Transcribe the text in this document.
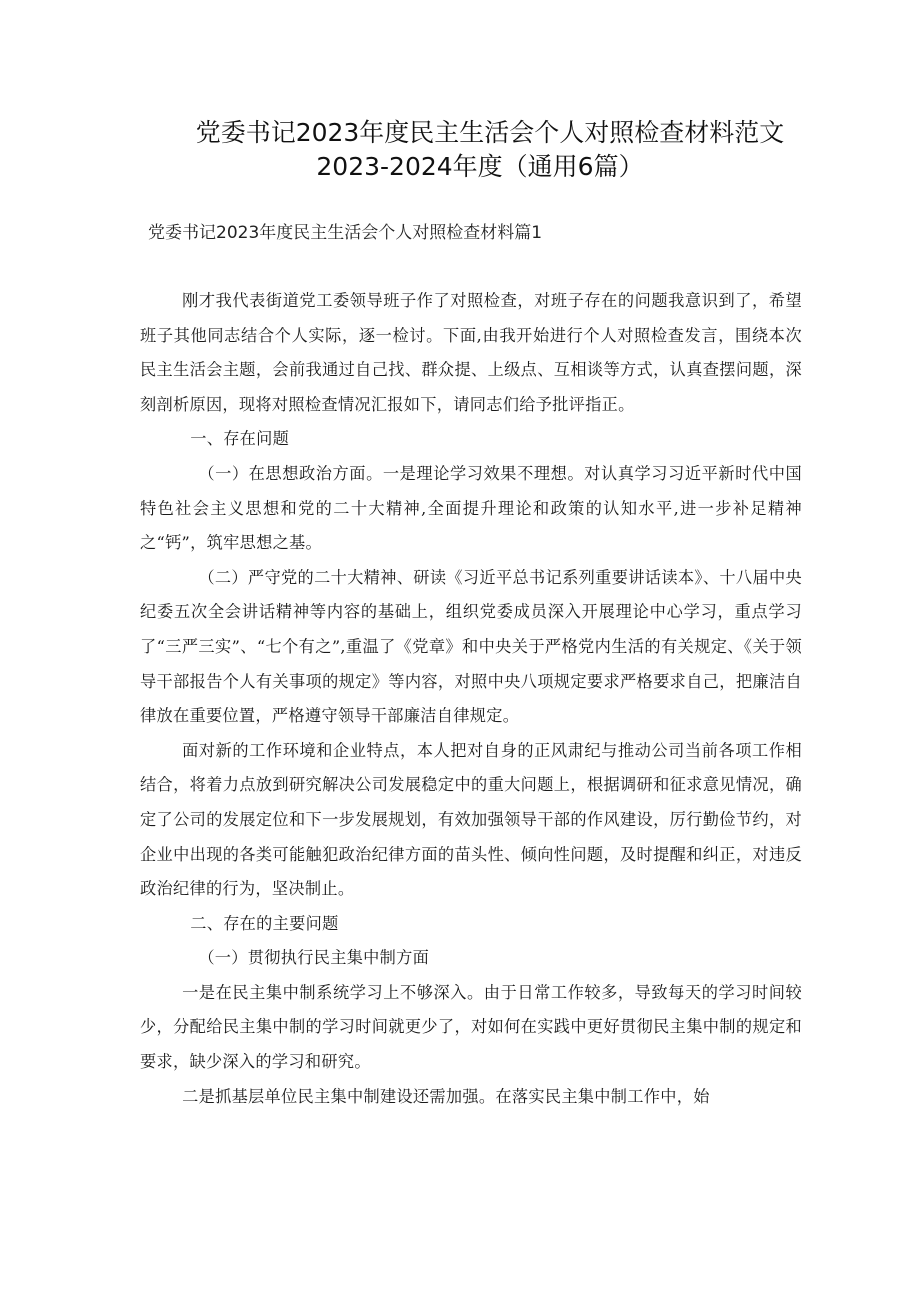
党委书记2023年度民主生活会个人对照检查材料范文
2023-2024年度（通用6篇）
党委书记2023年度民主生活会个人对照检查材料篇1

刚才我代表街道党工委领导班子作了对照检查，对班子存在的问题我意识到了，希望班子其他同志结合个人实际，逐一检讨。下面,由我开始进行个人对照检查发言，围绕本次民主生活会主题，会前我通过自己找、群众提、上级点、互相谈等方式，认真查摆问题，深刻剖析原因，现将对照检查情况汇报如下，请同志们给予批评指正。

一、存在问题

（一）在思想政治方面。一是理论学习效果不理想。对认真学习习近平新时代中国特色社会主义思想和党的二十大精神,全面提升理论和政策的认知水平,进一步补足精神之“钙”，筑牢思想之基。

（二）严守党的二十大精神、研读《习近平总书记系列重要讲话读本》、十八届中央纪委五次全会讲话精神等内容的基础上，组织党委成员深入开展理论中心学习，重点学习了“三严三实”、“七个有之”,重温了《党章》和中央关于严格党内生活的有关规定、《关于领导干部报告个人有关事项的规定》等内容，对照中央八项规定要求严格要求自己，把廉洁自律放在重要位置，严格遵守领导干部廉洁自律规定。

面对新的工作环境和企业特点，本人把对自身的正风肃纪与推动公司当前各项工作相结合，将着力点放到研究解决公司发展稳定中的重大问题上，根据调研和征求意见情况，确定了公司的发展定位和下一步发展规划，有效加强领导干部的作风建设，厉行勤俭节约，对企业中出现的各类可能触犯政治纪律方面的苗头性、倾向性问题，及时提醒和纠正，对违反政治纪律的行为，坚决制止。

二、存在的主要问题

（一）贯彻执行民主集中制方面

一是在民主集中制系统学习上不够深入。由于日常工作较多，导致每天的学习时间较少，分配给民主集中制的学习时间就更少了，对如何在实践中更好贯彻民主集中制的规定和要求，缺少深入的学习和研究。

二是抓基层单位民主集中制建设还需加强。在落实民主集中制工作中，始
